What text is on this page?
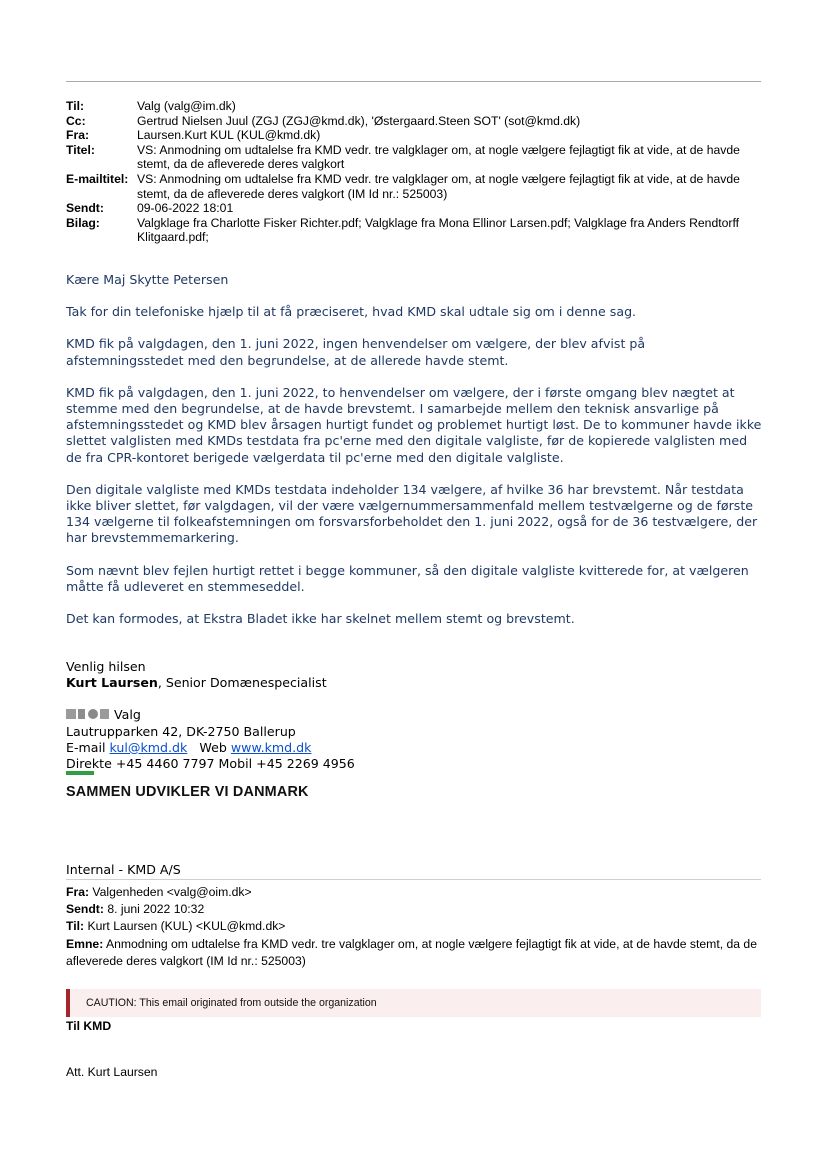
Til:	Valg (valg@im.dk)
Cc:	Gertrud Nielsen Juul (ZGJ (ZGJ@kmd.dk), 'Østergaard.Steen SOT' (sot@kmd.dk)
Fra:	Laursen.Kurt KUL (KUL@kmd.dk)
Titel:	VS: Anmodning om udtalelse fra KMD vedr. tre valgklager om, at nogle vælgere fejlagtigt fik at vide, at de havde stemt, da de afleverede deres valgkort
E-mailtitel: VS: Anmodning om udtalelse fra KMD vedr. tre valgklager om, at nogle vælgere fejlagtigt fik at vide, at de havde stemt, da de afleverede deres valgkort (IM Id nr.: 525003)
Sendt:	09-06-2022 18:01
Bilag:	Valgklage fra Charlotte Fisker Richter.pdf; Valgklage fra Mona Ellinor Larsen.pdf; Valgklage fra Anders Rendtorff Klitgaard.pdf;

Kære Maj Skytte Petersen

Tak for din telefoniske hjælp til at få præciseret, hvad KMD skal udtale sig om i denne sag.

KMD fik på valgdagen, den 1. juni 2022, ingen henvendelser om vælgere, der blev afvist på afstemningsstedet med den begrundelse, at de allerede havde stemt.

KMD fik på valgdagen, den 1. juni 2022, to henvendelser om vælgere, der i første omgang blev nægtet at stemme med den begrundelse, at de havde brevstemt. I samarbejde mellem den teknisk ansvarlige på afstemningsstedet og KMD blev årsagen hurtigt fundet og problemet hurtigt løst. De to kommuner havde ikke slettet valglisten med KMDs testdata fra pc'erne med den digitale valgliste, før de kopierede valglisten med de fra CPR-kontoret berigede vælgerdata til pc'erne med den digitale valgliste.

Den digitale valgliste med KMDs testdata indeholder 134 vælgere, af hvilke 36 har brevstemt. Når testdata ikke bliver slettet, før valgdagen, vil der være vælgernummersammenfald mellem testvælgerne og de første 134 vælgerne til folkeafstemningen om forsvarsforbeholdet den 1. juni 2022, også for de 36 testvælgere, der har brevstemmemarkering.

Som nævnt blev fejlen hurtigt rettet i begge kommuner, så den digitale valgliste kvitterede for, at vælgeren måtte få udleveret en stemmeseddel.

Det kan formodes, at Ekstra Bladet ikke har skelnet mellem stemt og brevstemt.

Venlig hilsen
Kurt Laursen, Senior Domænespecialist
Valg
Lautrupparken 42, DK-2750 Ballerup
E-mail kul@kmd.dk Web www.kmd.dk
Direkte +45 4460 7797 Mobil +45 2269 4956
SAMMEN UDVIKLER VI DANMARK
Internal - KMD A/S
Fra: Valgenheden <valg@oim.dk>
Sendt: 8. juni 2022 10:32
Til: Kurt Laursen (KUL) <KUL@kmd.dk>
Emne: Anmodning om udtalelse fra KMD vedr. tre valgklager om, at nogle vælgere fejlagtigt fik at vide, at de havde stemt, da de afleverede deres valgkort (IM Id nr.: 525003)
CAUTION: This email originated from outside the organization
Til KMD
Att. Kurt Laursen
